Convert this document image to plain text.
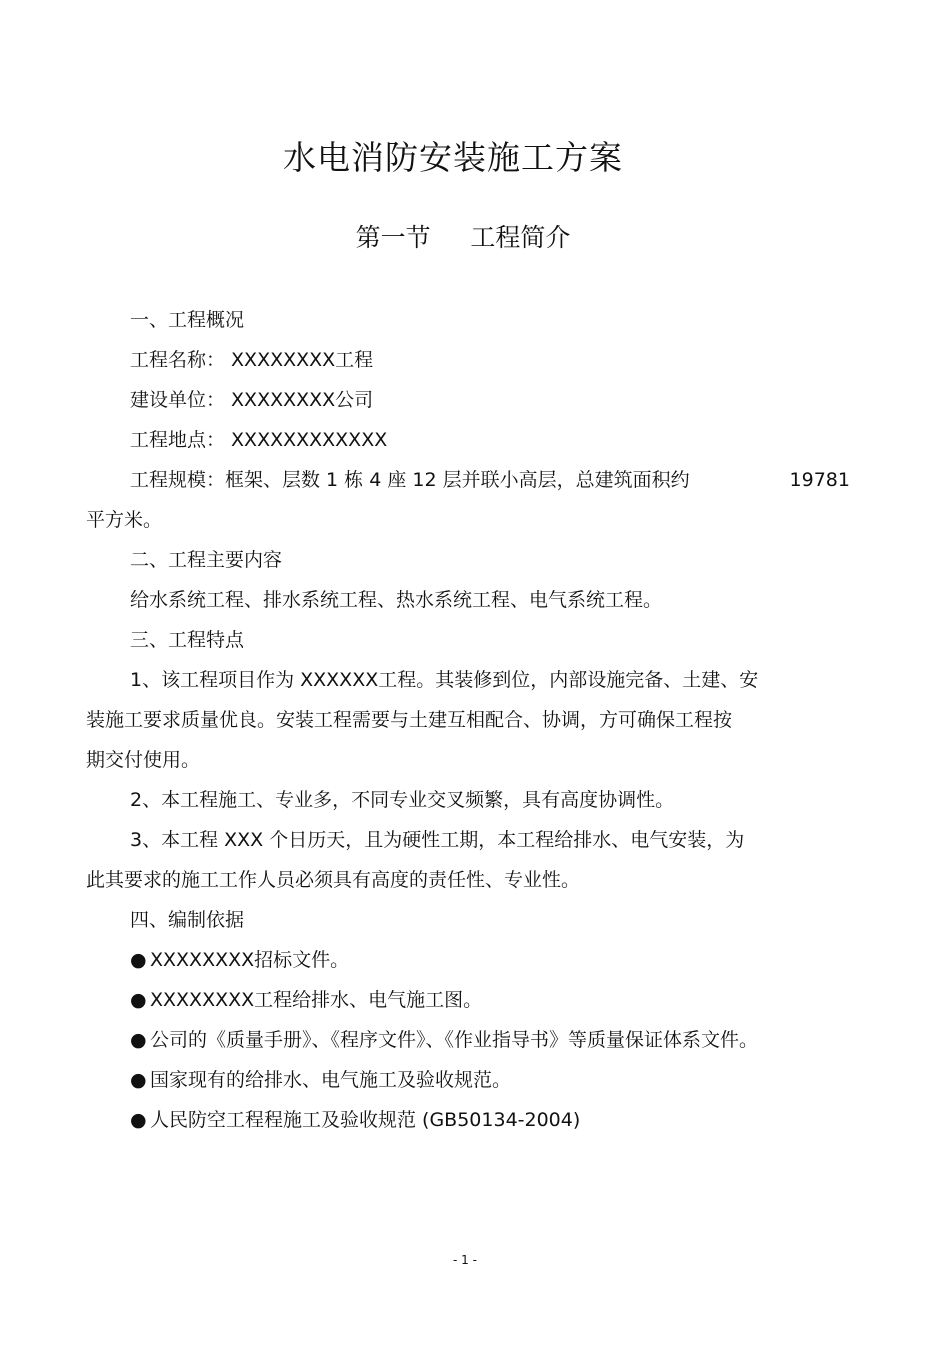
水电消防安装施工方案
第一节     工程简介
一、工程概况
工程名称： XXXXXXXX工程
建设单位： XXXXXXXX公司
工程地点： XXXXXXXXXXXX
工程规模：框架、层数 1 栋 4 座 12 层并联小高层，总建筑面积约	19781
平方米。
二、工程主要内容
给水系统工程、排水系统工程、热水系统工程、电气系统工程。
三、工程特点
1、该工程项目作为 XXXXXX工程。其装修到位，内部设施完备、土建、安
装施工要求质量优良。安装工程需要与土建互相配合、协调，方可确保工程按
期交付使用。
2、本工程施工、专业多，不同专业交叉频繁，具有高度协调性。
3、本工程 XXX 个日历天，且为硬性工期，本工程给排水、电气安装，为
此其要求的施工工作人员必须具有高度的责任性、专业性。
四、编制依据
● XXXXXXXX招标文件。
● XXXXXXXX工程给排水、电气施工图。
● 公司的《质量手册》、《程序文件》、《作业指导书》等质量保证体系文件。
● 国家现有的给排水、电气施工及验收规范。
● 人民防空工程程施工及验收规范 (GB50134-2004)
- 1 -
